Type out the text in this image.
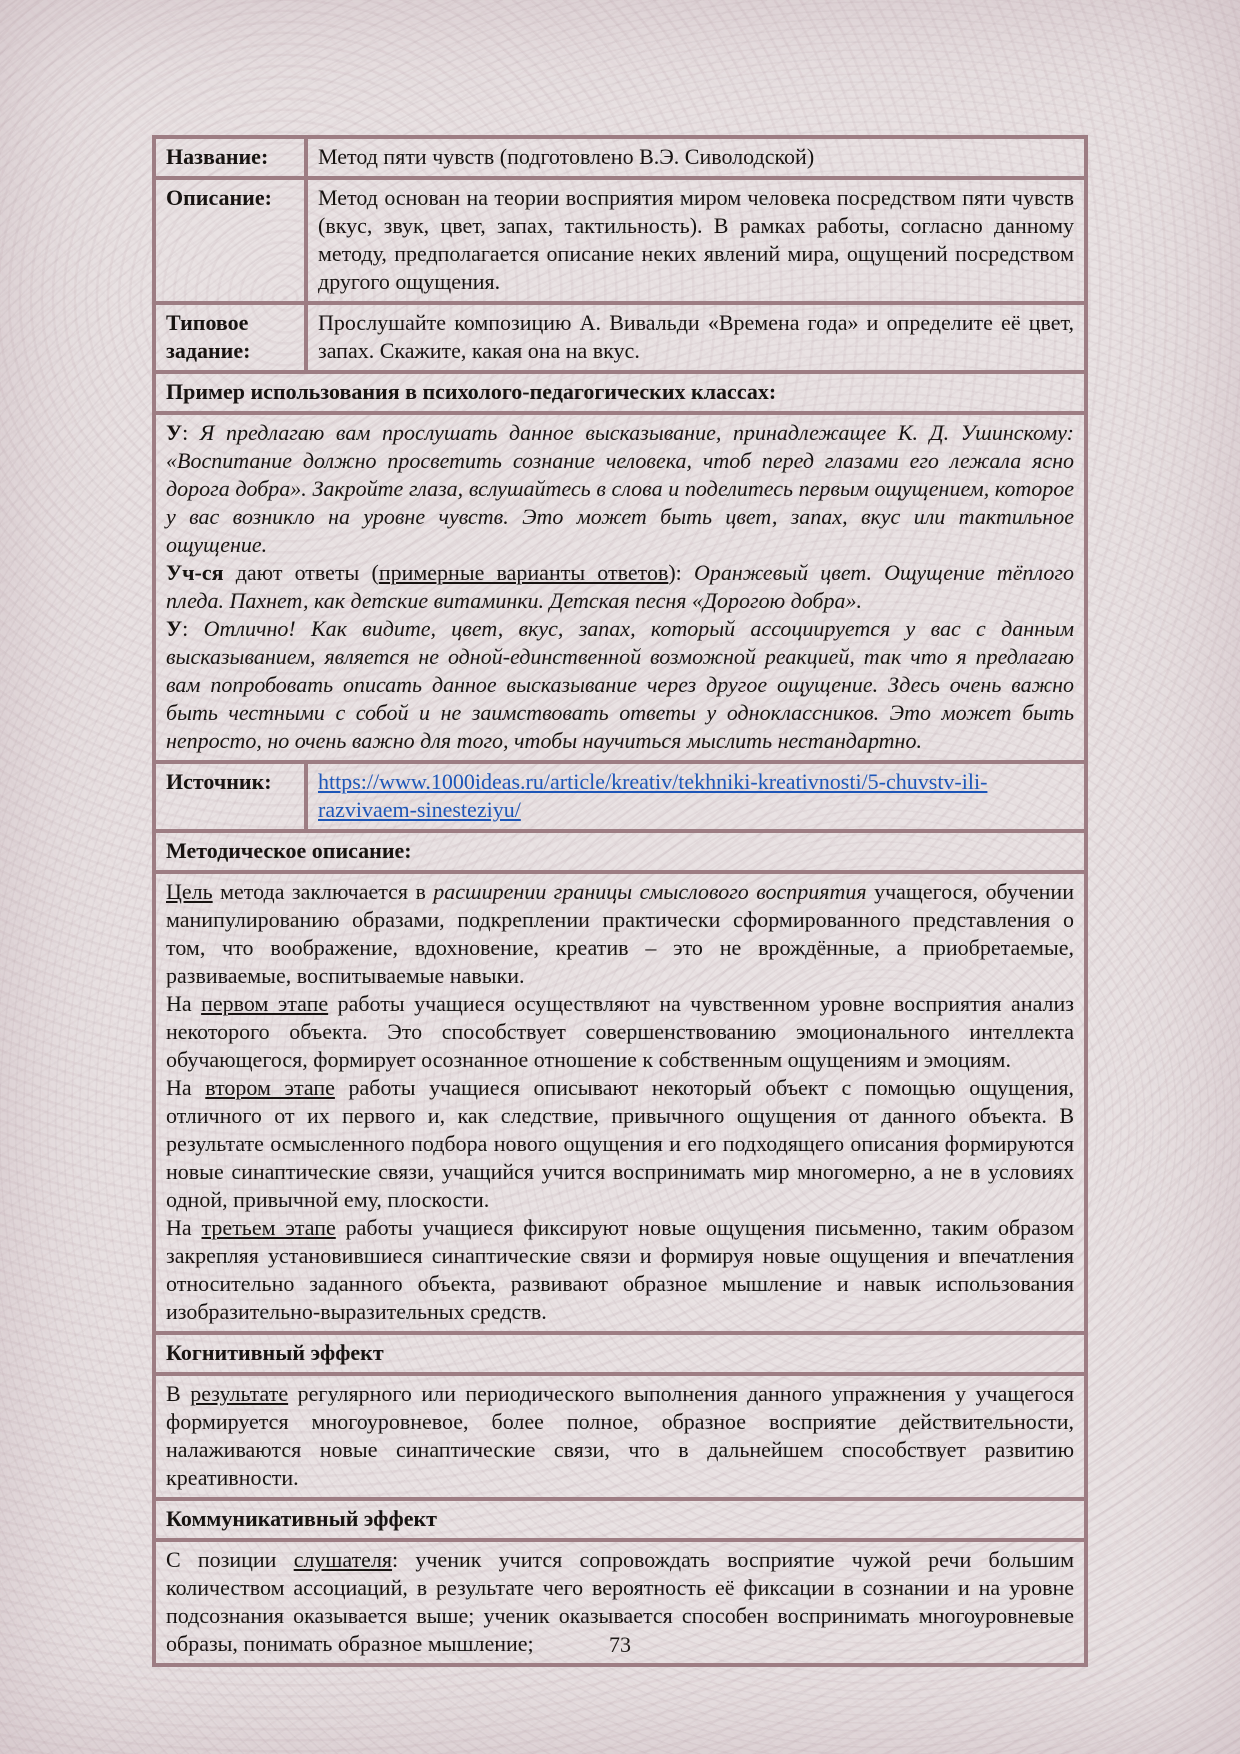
Название:	Метод пяти чувств (подготовлено В.Э. Сиволодской)
Описание:	Метод основан на теории восприятия миром человека посредством пяти чувств (вкус, звук, цвет, запах, тактильность). В рамках работы, согласно данному методу, предполагается описание неких явлений мира, ощущений посредством другого ощущения.
Типовое задание:	Прослушайте композицию А. Вивальди «Времена года» и определите её цвет, запах. Скажите, какая она на вкус.
Пример использования в психолого-педагогических классах:	

У: Я предлагаю вам прослушать данное высказывание, принадлежащее К. Д. Ушинскому: «Воспитание должно просветить сознание человека, чтоб перед глазами его лежала ясно дорога добра». Закройте глаза, вслушайтесь в слова и поделитесь первым ощущением, которое у вас возникло на уровне чувств. Это может быть цвет, запах, вкус или тактильное ощущение.

Уч-ся дают ответы (примерные варианты ответов): Оранжевый цвет. Ощущение тёплого пледа. Пахнет, как детские витаминки. Детская песня «Дорогою добра».

У: Отлично! Как видите, цвет, вкус, запах, который ассоциируется у вас с данным высказыванием, является не одной-единственной возможной реакцией, так что я предлагаю вам попробовать описать данное высказывание через другое ощущение. Здесь очень важно быть честными с собой и не заимствовать ответы у одноклассников. Это может быть непросто, но очень важно для того, чтобы научиться мыслить нестандартно.	

Источник:	https://www.1000ideas.ru/article/kreativ/tekhniki-kreativnosti/5-chuvstv-ili-razvivaem-sinesteziyu/
Методическое описание:	

Цель метода заключается в расширении границы смыслового восприятия учащегося, обучении манипулированию образами, подкреплении практически сформированного представления о том, что воображение, вдохновение, креатив – это не врождённые, а приобретаемые, развиваемые, воспитываемые навыки.

На первом этапе работы учащиеся осуществляют на чувственном уровне восприятия анализ некоторого объекта. Это способствует совершенствованию эмоционального интеллекта обучающегося, формирует осознанное отношение к собственным ощущениям и эмоциям.

На втором этапе работы учащиеся описывают некоторый объект с помощью ощущения, отличного от их первого и, как следствие, привычного ощущения от данного объекта. В результате осмысленного подбора нового ощущения и его подходящего описания формируются новые синаптические связи, учащийся учится воспринимать мир многомерно, а не в условиях одной, привычной ему, плоскости.

На третьем этапе работы учащиеся фиксируют новые ощущения письменно, таким образом закрепляя установившиеся синаптические связи и формируя новые ощущения и впечатления относительно заданного объекта, развивают образное мышление и навык использования изобразительно-выразительных средств.	

Когнитивный эффект	

В результате регулярного или периодического выполнения данного упражнения у учащегося формируется многоуровневое, более полное, образное восприятие действительности, налаживаются новые синаптические связи, что в дальнейшем способствует развитию креативности.	

Коммуникативный эффект	

С позиции слушателя: ученик учится сопровождать восприятие чужой речи большим количеством ассоциаций, в результате чего вероятность её фиксации в сознании и на уровне подсознания оказывается выше; ученик оказывается способен воспринимать многоуровневые образы, понимать образное мышление;		73
